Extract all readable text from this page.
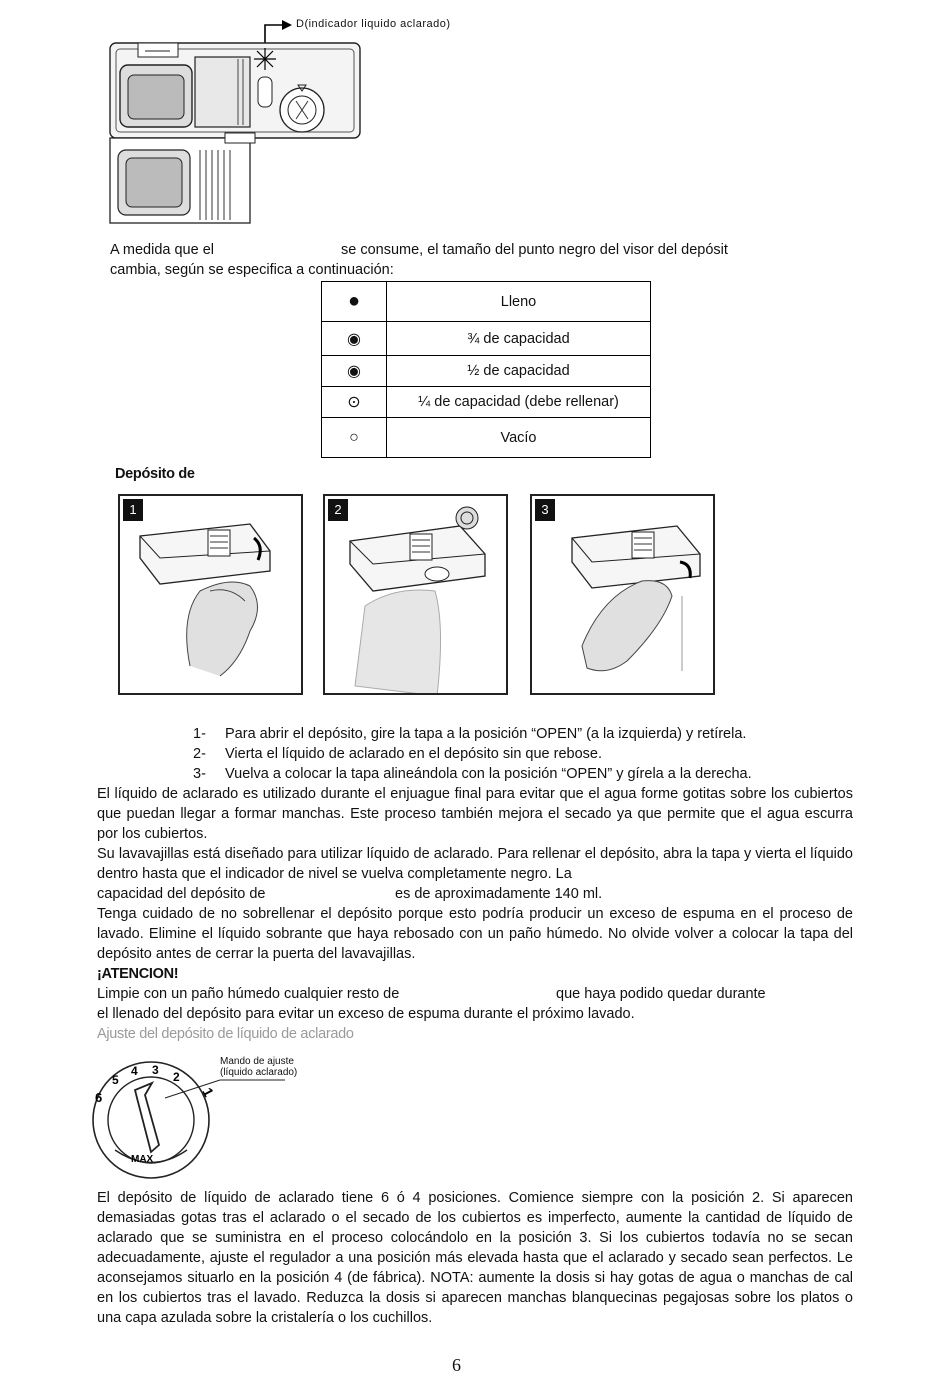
D(indicador liquido aclarado)
A medida que el	se consume, el tamaño del punto negro del visor del depósit
cambia, según se especifica a continuación:
●	Lleno
◉	¾ de capacidad
◉	½ de capacidad
⊙	¼ de capacidad (debe rellenar)
○	Vacío
Depósito de
1	2	3
1- Para abrir el depósito, gire la tapa a la posición “OPEN” (a la izquierda) y retírela.
2- Vierta el líquido de aclarado en el depósito sin que rebose.
3- Vuelva a colocar la tapa alineándola con la posición “OPEN” y gírela a la derecha.
El líquido de aclarado es utilizado durante el enjuague final para evitar que el agua forme gotitas sobre los cubiertos que puedan llegar a formar manchas. Este proceso también mejora el secado ya que permite que el agua escurra por los cubiertos.
Su lavavajillas está diseñado para utilizar líquido de aclarado. Para rellenar el depósito, abra la tapa y vierta el líquido dentro hasta que el indicador de nivel se vuelva completamente negro. La
capacidad del depósito de	es de aproximadamente 140 ml.
Tenga cuidado de no sobrellenar el depósito porque esto podría producir un exceso de espuma en el proceso de lavado. Elimine el líquido sobrante que haya rebosado con un paño húmedo. No olvide volver a colocar la tapa del depósito antes de cerrar la puerta del lavavajillas.
¡ATENCION!
Limpie con un paño húmedo cualquier resto de	que haya podido quedar durante
el llenado del depósito para evitar un exceso de espuma durante el próximo lavado.
Ajuste del depósito de líquido de aclarado
1
2
3
4
5
6
MAX
Mando de ajuste
(líquido aclarado)
El depósito de líquido de aclarado tiene 6 ó 4 posiciones. Comience siempre con la posición 2. Si aparecen demasiadas gotas tras el aclarado o el secado de los cubiertos es imperfecto, aumente la cantidad de líquido de aclarado que se suministra en el proceso colocándolo en la posición 3. Si los cubiertos todavía no se secan adecuadamente, ajuste el regulador a una posición más elevada hasta que el aclarado y secado sean perfectos. Le aconsejamos situarlo en la posición 4 (de fábrica). NOTA: aumente la dosis si hay gotas de agua o manchas de cal en los cubiertos tras el lavado. Reduzca la dosis si aparecen manchas blanquecinas pegajosas sobre los platos o una capa azulada sobre la cristalería o los cuchillos.
6
